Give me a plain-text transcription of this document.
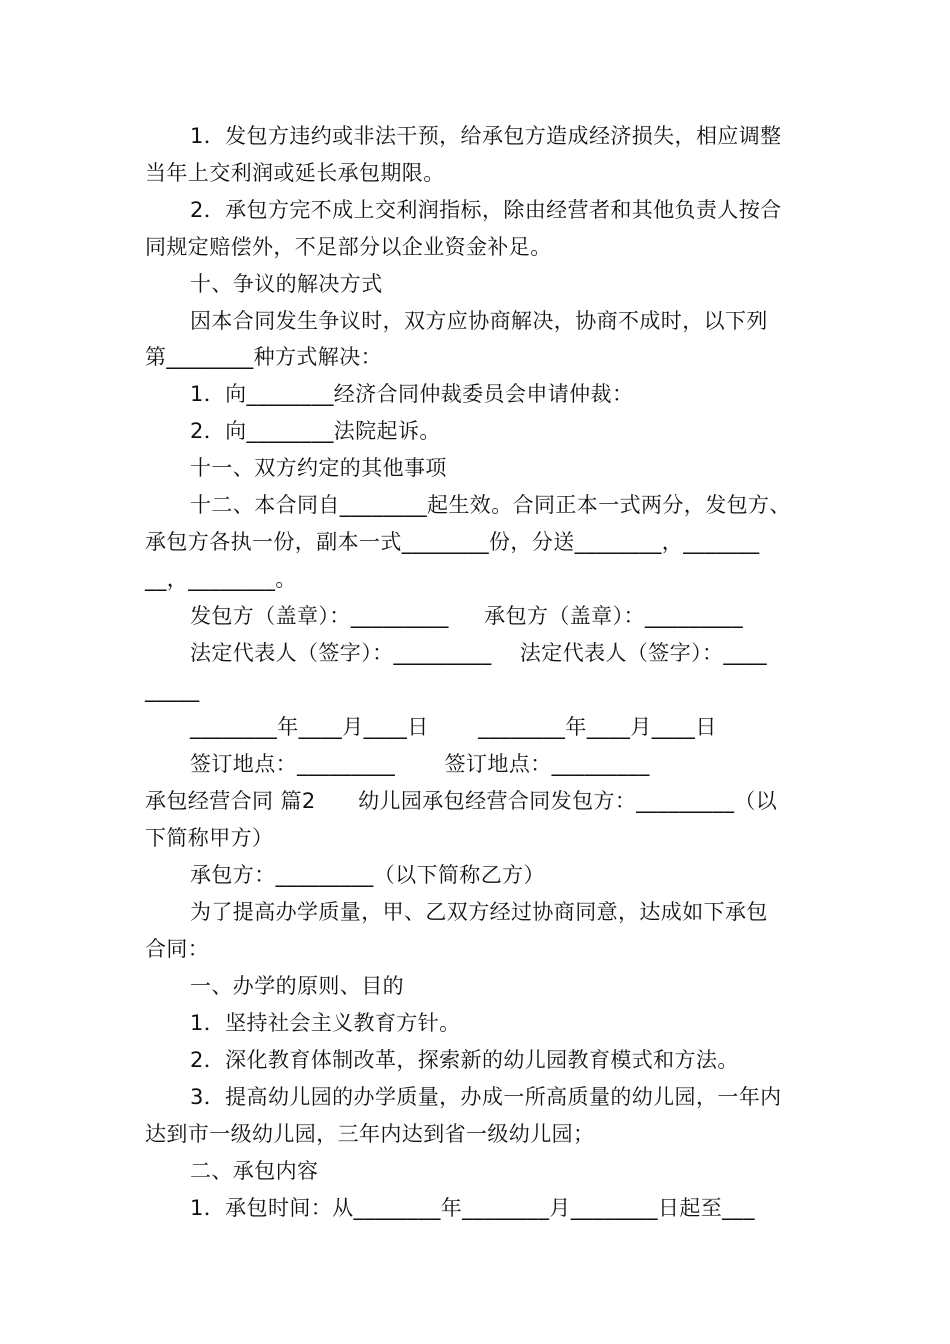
1．发包方违约或非法干预，给承包方造成经济损失，相应调整
当年上交利润或延长承包期限。
2．承包方完不成上交利润指标，除由经营者和其他负责人按合
同规定赔偿外，不足部分以企业资金补足。
十、争议的解决方式
因本合同发生争议时，双方应协商解决，协商不成时，以下列
第________种方式解决：
1．向________经济合同仲裁委员会申请仲裁：
2．向________法院起诉。
十一、双方约定的其他事项
十二、本合同自________起生效。合同正本一式两分，发包方、
承包方各执一份，副本一式________份，分送________，_______
__，________。
发包方（盖章）：_________     承包方（盖章）：_________
法定代表人（签字）：_________    法定代表人（签字）：____
_____
________年____月____日       ________年____月____日
签订地点：_________       签订地点：_________
承包经营合同 篇2      幼儿园承包经营合同发包方：_________（以
下简称甲方）
承包方：_________（以下简称乙方）
为了提高办学质量，甲、乙双方经过协商同意，达成如下承包
合同：
一、办学的原则、目的
1．坚持社会主义教育方针。
2．深化教育体制改革，探索新的幼儿园教育模式和方法。
3．提高幼儿园的办学质量，办成一所高质量的幼儿园，一年内
达到市一级幼儿园，三年内达到省一级幼儿园；
二、承包内容
1．承包时间：从________年________月________日起至___
